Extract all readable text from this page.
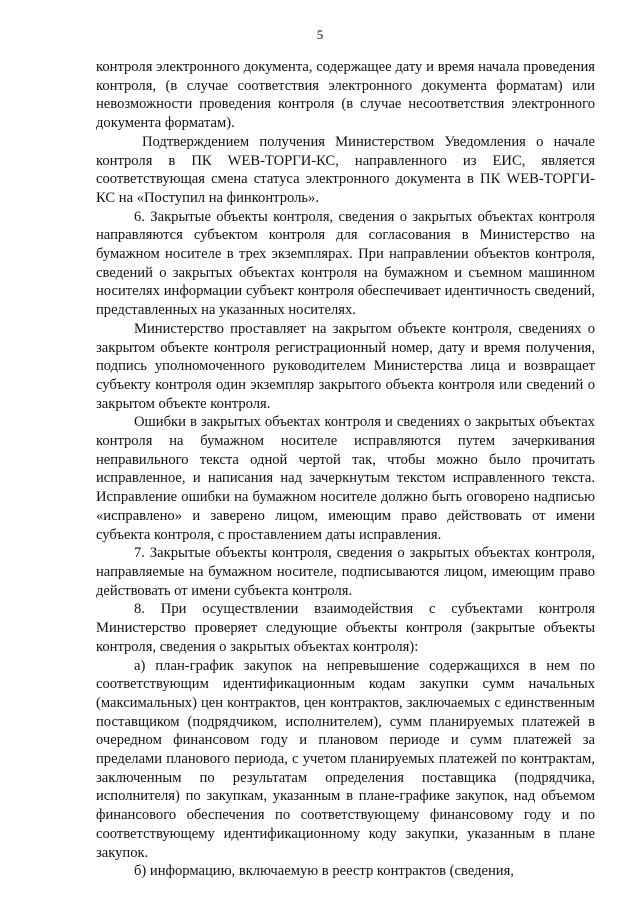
5

контроля электронного документа, содержащее дату и время начала проведения контроля, (в случае соответствия электронного документа форматам) или невозможности проведения контроля (в случае несоответствия электронного документа форматам).

Подтверждением получения Министерством Уведомления о начале контроля в ПК WEB-ТОРГИ-КС, направленного из ЕИС, является соответствующая смена статуса электронного документа в ПК WEB-ТОРГИ-КС на «Поступил на финконтроль».

6. Закрытые объекты контроля, сведения о закрытых объектах контроля направляются субъектом контроля для согласования в Министерство на бумажном носителе в трех экземплярах. При направлении объектов контроля, сведений о закрытых объектах контроля на бумажном и съемном машинном носителях информации субъект контроля обеспечивает идентичность сведений, представленных на указанных носителях.

Министерство проставляет на закрытом объекте контроля, сведениях о закрытом объекте контроля регистрационный номер, дату и время получения, подпись уполномоченного руководителем Министерства лица и возвращает субъекту контроля один экземпляр закрытого объекта контроля или сведений о закрытом объекте контроля.

Ошибки в закрытых объектах контроля и сведениях о закрытых объектах контроля на бумажном носителе исправляются путем зачеркивания неправильного текста одной чертой так, чтобы можно было прочитать исправленное, и написания над зачеркнутым текстом исправленного текста. Исправление ошибки на бумажном носителе должно быть оговорено надписью «исправлено» и заверено лицом, имеющим право действовать от имени субъекта контроля, с проставлением даты исправления.

7. Закрытые объекты контроля, сведения о закрытых объектах контроля, направляемые на бумажном носителе, подписываются лицом, имеющим право действовать от имени субъекта контроля.

8. При осуществлении взаимодействия с субъектами контроля Министерство проверяет следующие объекты контроля (закрытые объекты контроля, сведения о закрытых объектах контроля):

а) план-график закупок на непревышение содержащихся в нем по соответствующим идентификационным кодам закупки сумм начальных (максимальных) цен контрактов, цен контрактов, заключаемых с единственным поставщиком (подрядчиком, исполнителем), сумм планируемых платежей в очередном финансовом году и плановом периоде и сумм платежей за пределами планового периода, с учетом планируемых платежей по контрактам, заключенным по результатам определения поставщика (подрядчика, исполнителя) по закупкам, указанным в плане-графике закупок, над объемом финансового обеспечения по соответствующему финансовому году и по соответствующему идентификационному коду закупки, указанным в плане закупок.

б) информацию, включаемую в реестр контрактов (сведения,
